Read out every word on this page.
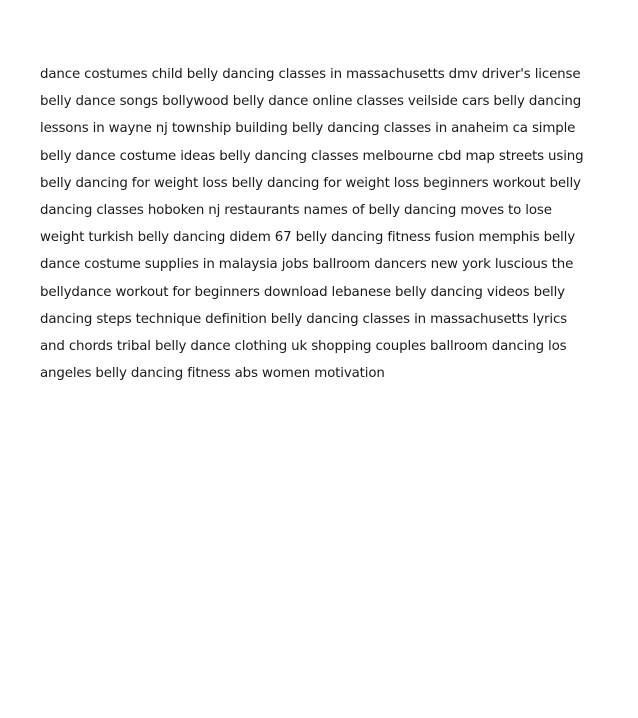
dance costumes child belly dancing classes in massachusetts dmv driver's license
belly dance songs bollywood belly dance online classes veilside cars belly dancing
lessons in wayne nj township building belly dancing classes in anaheim ca simple
belly dance costume ideas belly dancing classes melbourne cbd map streets using
belly dancing for weight loss belly dancing for weight loss beginners workout belly
dancing classes hoboken nj restaurants names of belly dancing moves to lose
weight turkish belly dancing didem 67 belly dancing fitness fusion memphis belly
dance costume supplies in malaysia jobs ballroom dancers new york luscious the
bellydance workout for beginners download lebanese belly dancing videos belly
dancing steps technique definition belly dancing classes in massachusetts lyrics
and chords tribal belly dance clothing uk shopping couples ballroom dancing los
angeles belly dancing fitness abs women motivation
